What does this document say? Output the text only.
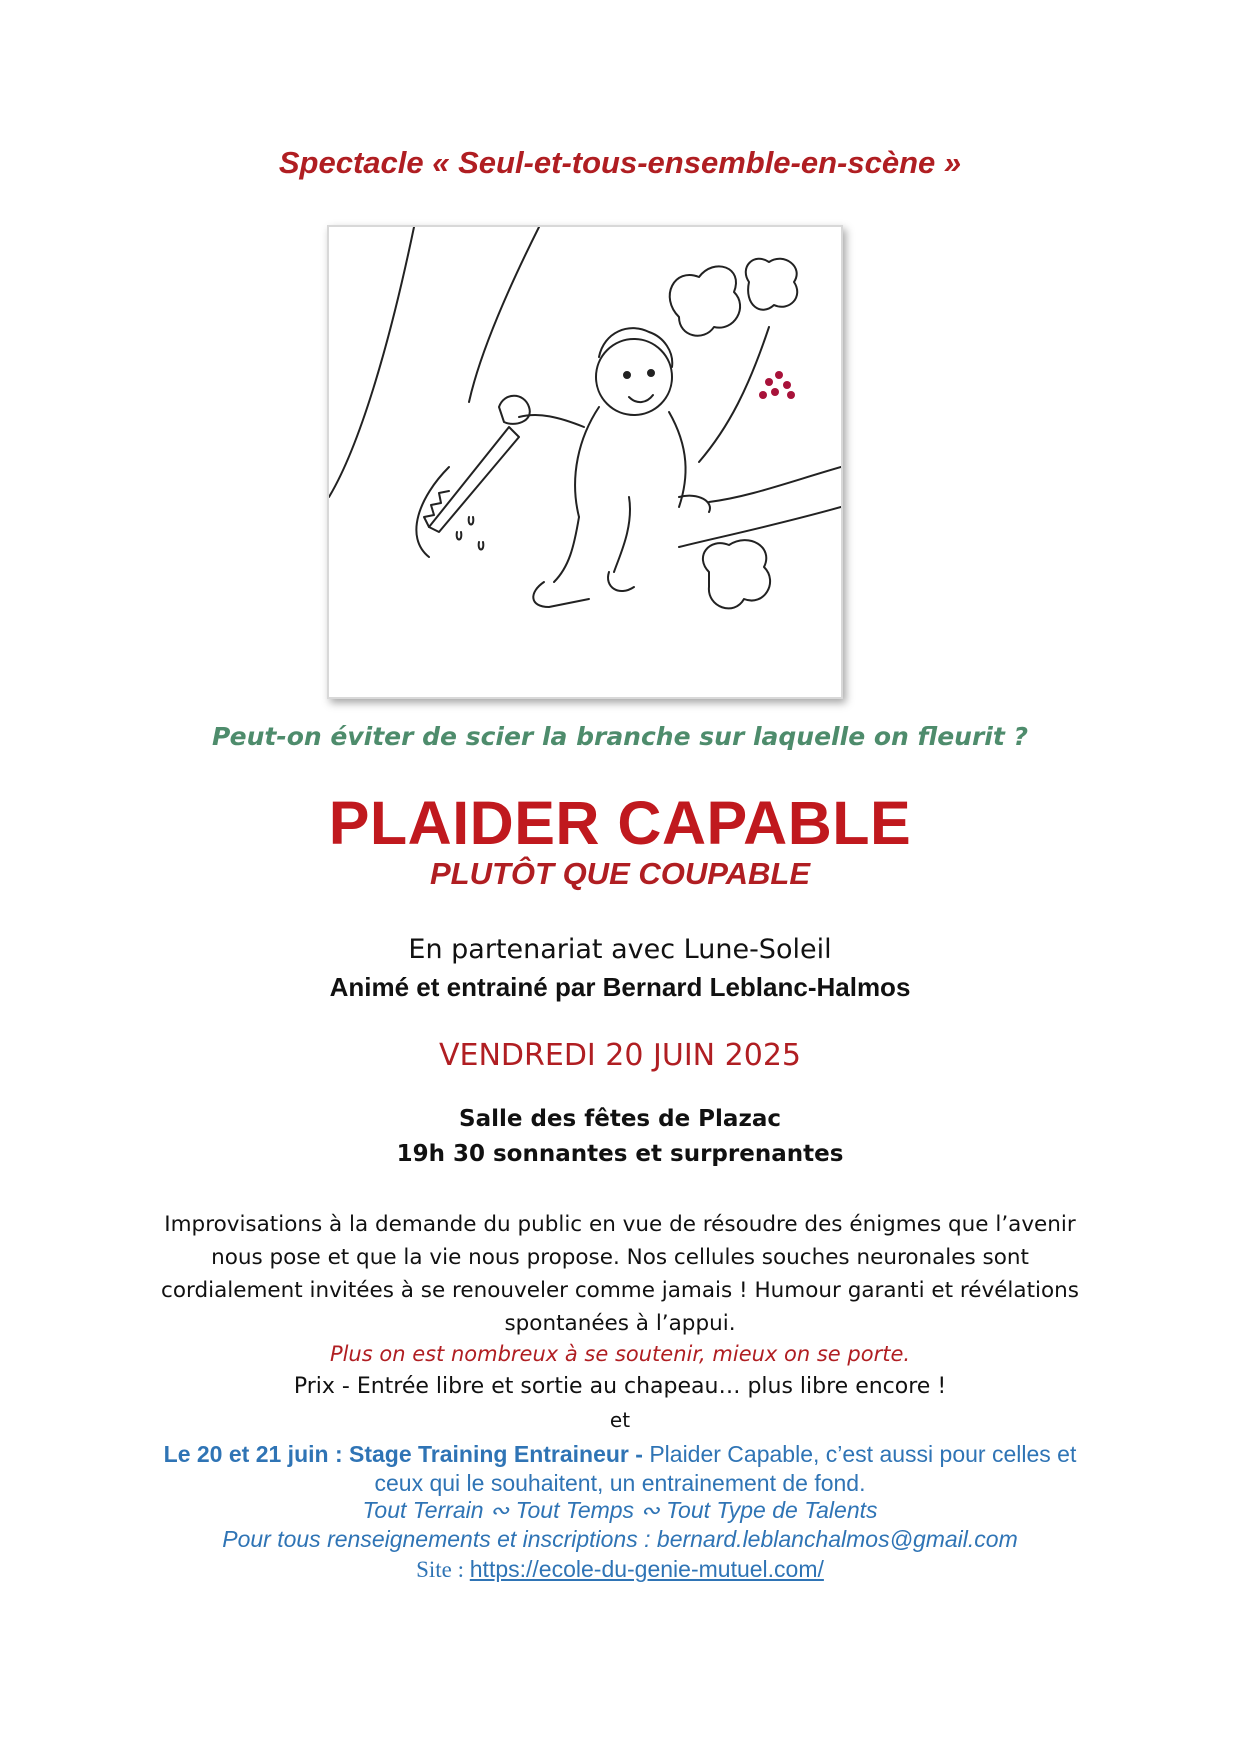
Spectacle « Seul-et-tous-ensemble-en-scène »
Peut-on éviter de scier la branche sur laquelle on fleurit ?
PLAIDER CAPABLE
PLUTÔT QUE COUPABLE
En partenariat avec Lune-Soleil
Animé et entrainé par Bernard Leblanc-Halmos
VENDREDI 20 JUIN 2025
Salle des fêtes de Plazac
19h 30 sonnantes et surprenantes
Improvisations à la demande du public en vue de résoudre des énigmes que l’avenir nous pose et que la vie nous propose. Nos cellules souches neuronales sont cordialement invitées à se renouveler comme jamais ! Humour garanti et révélations spontanées à l’appui.
Plus on est nombreux à se soutenir, mieux on se porte.
Prix - Entrée libre et sortie au chapeau… plus libre encore !
et
Le 20 et 21 juin : Stage Training Entraineur - Plaider Capable, c’est aussi pour celles et ceux qui le souhaitent, un entrainement de fond.
Tout Terrain ∾ Tout Temps ∾ Tout Type de Talents
Pour tous renseignements et inscriptions : bernard.leblanchalmos@gmail.com
Site : https://ecole-du-genie-mutuel.com/
